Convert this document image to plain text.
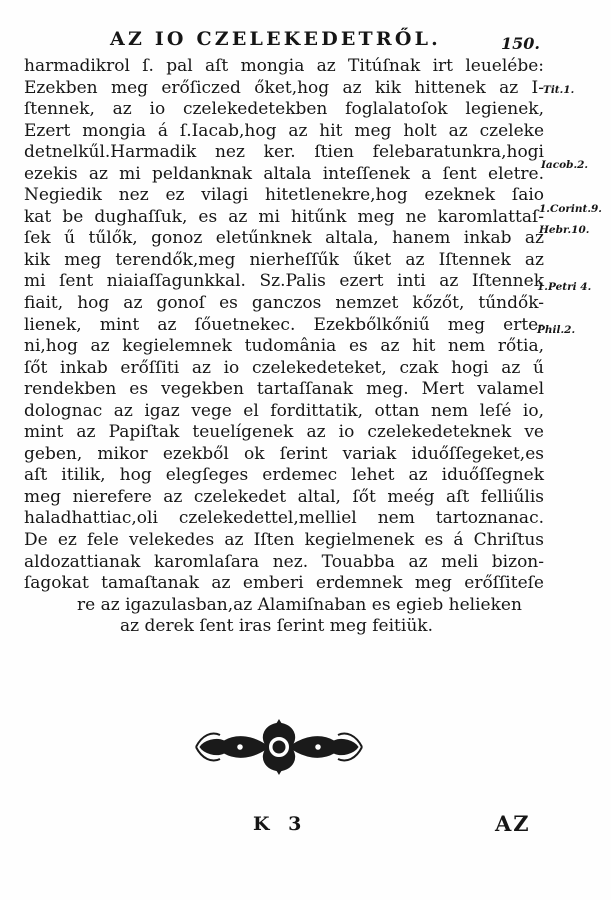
AZ IO CZELEKEDETRŐL.	150.
harmadikrol ſ. pal aſt mongia az Titúſnak irt leuelébe:
Ezekben meg erőſiczed őket,hog az kik hittenek az I-
ſtennek, az io czelekedetekben foglalatoſok legienek,
Ezert mongia á ſ.Iacab,hog az hit meg holt az czeleke
detnelkűl.Harmadik nez ker. ſtien felebaratunkra,hogi
ezekis az mi peldanknak altala inteſſenek a ſent eletre.
Negiedik nez ez vilagi hitetlenekre,hog ezeknek ſaio
kat be dughaſſuk, es az mi hitűnk meg ne karomlattaſ-
ſek ű tűlők, gonoz eletűnknek altala, hanem inkab az
kik meg terendők,meg nierheſſűk űket az Iſtennek az
mi ſent niaiaſſagunkkal. Sz.Palis ezert inti az Iſtennek
fiait, hog az gonoſ es ganczos nemzet kőzőt, tűndők-
lienek, mint az ſőuetnekec. Ezekbőlkőniű meg erte-
ni,hog az kegielemnek tudomânia es az hit nem rőtia,
ſőt inkab erőſſiti az io czelekedeteket, czak hogi az ű
rendekben es vegekben tartaſſanak meg. Mert valamel
dolognac az igaz vege el fordittatik, ottan nem leſé io,
mint az Papiſtak teuelígenek az io czelekedeteknek ve
geben, mikor ezekből ok ſerint variak iduőſſegeket,es
aſt itilik, hog elegſeges erdemec lehet az iduőſſegnek
meg nierefere az czelekedet altal, ſőt meég aſt felliűlis
haladhattiac,oli czelekedettel,melliel nem tartoznanac.
De ez fele velekedes az Iſten kegielmenek es á Chriſtus
aldozattianak karomlaſara nez. Touabba az meli bizon-
ſagokat tamaſtanak az emberi erdemnek meg erőſſiteſe
re az igazulasban,az Alamiſnaban es egieb helieken
az derek ſent iras ſerint meg feitiük.
Tit.1.
Iacob.2.
1.Corint.9.
Hebr.10.
1.Petri 4.
Phil.2.
K 3	AZ
